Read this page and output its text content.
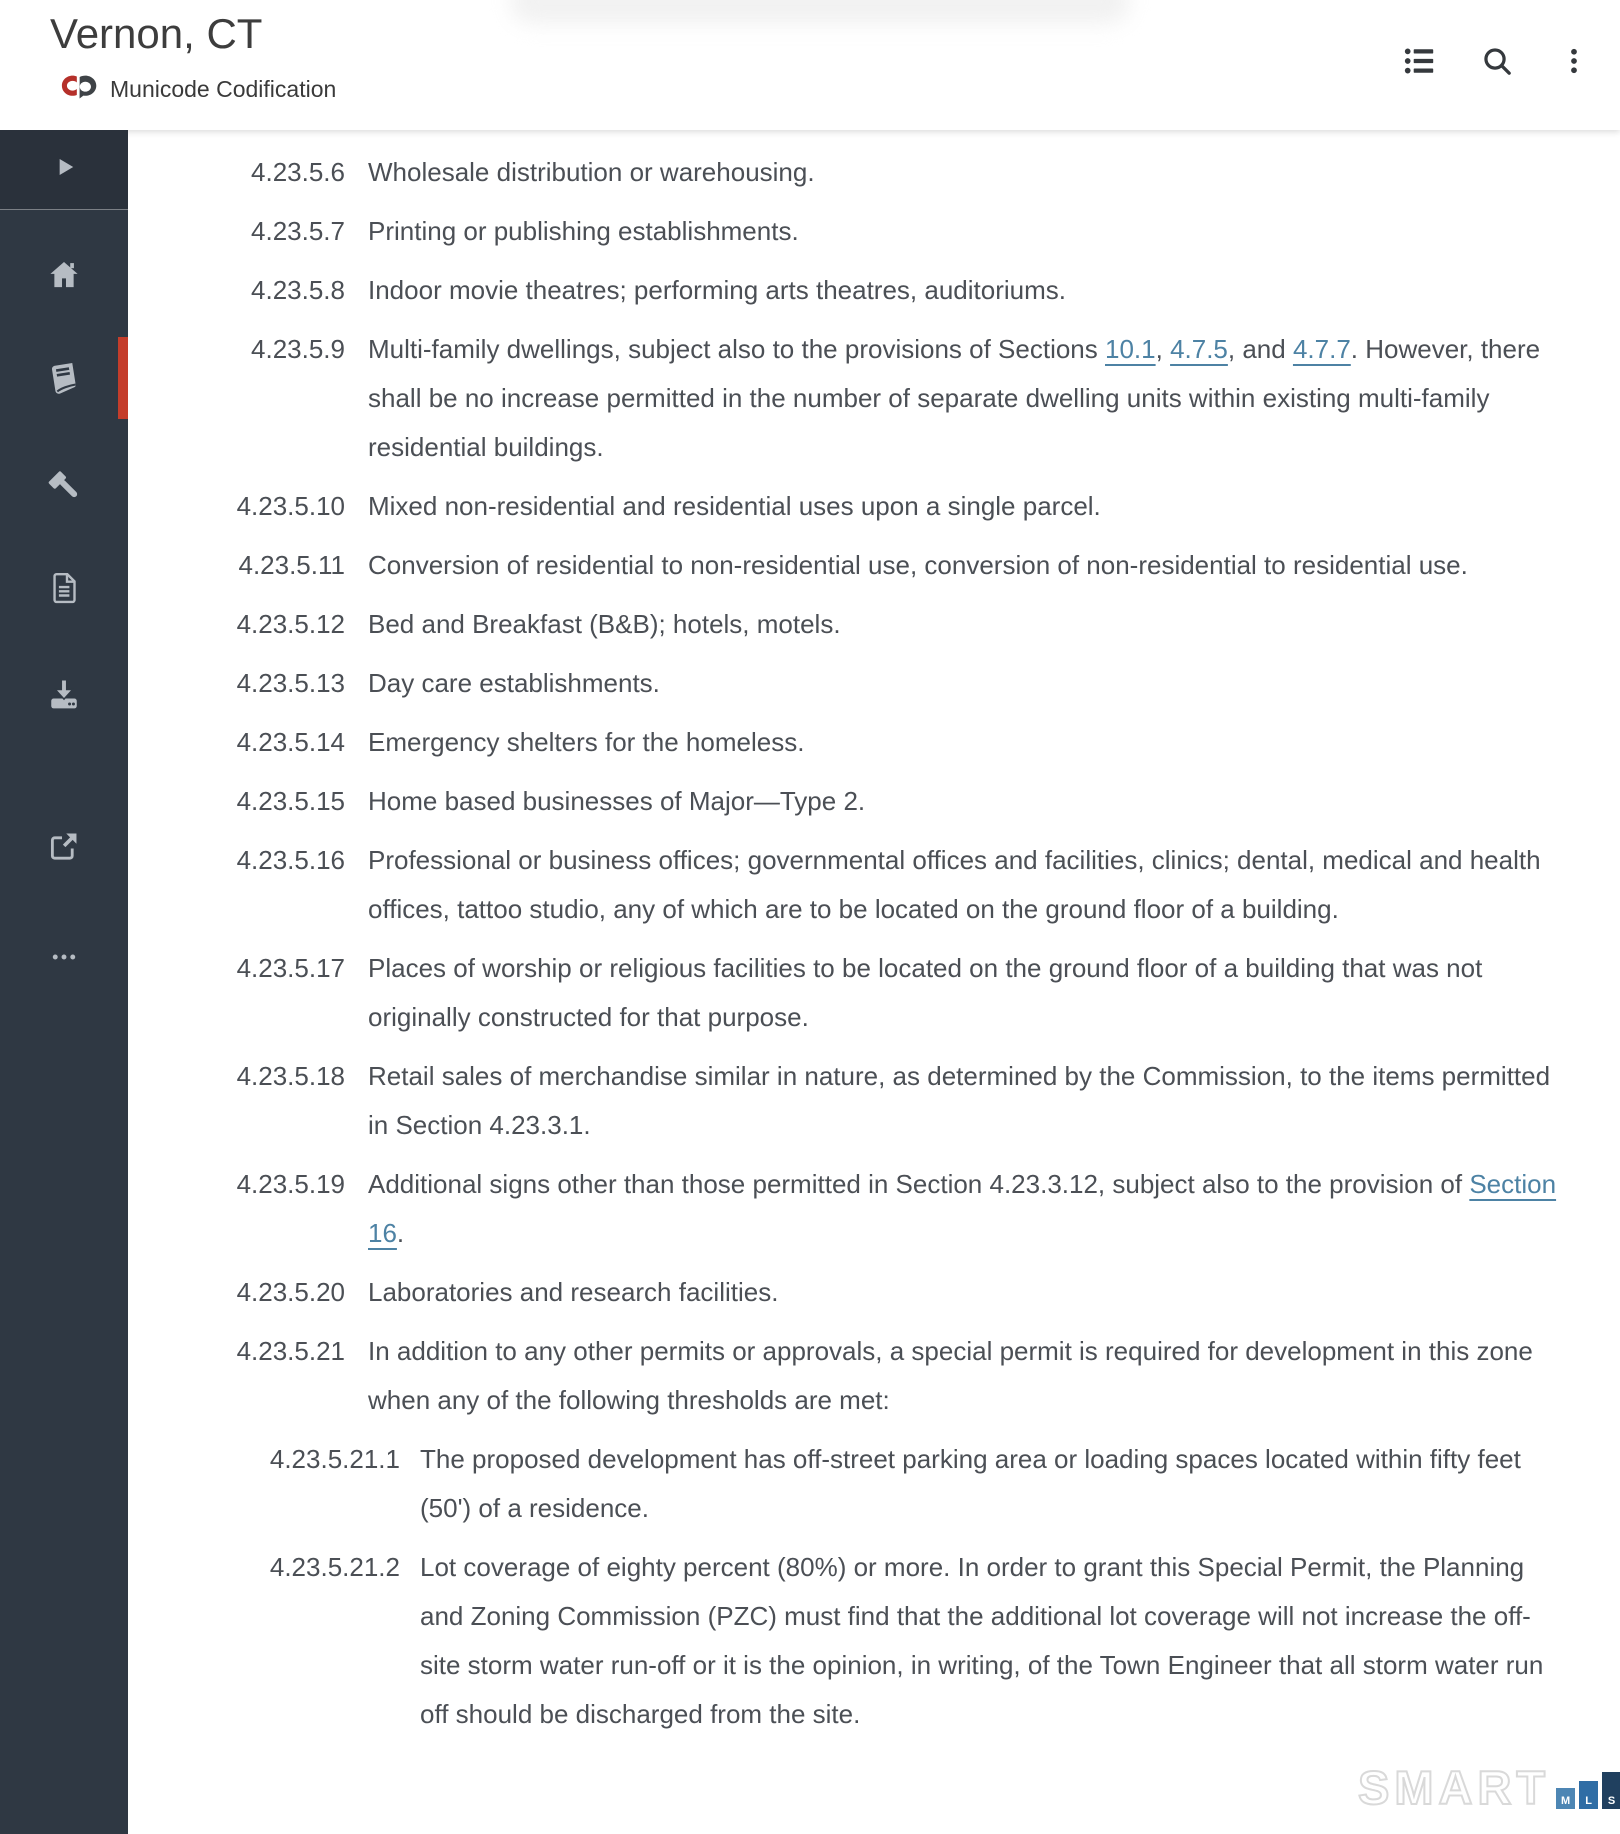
Vernon, CT
Municode Codification
4.23.5.6 Wholesale distribution or warehousing.
4.23.5.7 Printing or publishing establishments.
4.23.5.8 Indoor movie theatres; performing arts theatres, auditoriums.
4.23.5.9 Multi-family dwellings, subject also to the provisions of Sections 10.1, 4.7.5, and 4.7.7. However, there shall be no increase permitted in the number of separate dwelling units within existing multi-family residential buildings.
4.23.5.10 Mixed non-residential and residential uses upon a single parcel.
4.23.5.11 Conversion of residential to non-residential use, conversion of non-residential to residential use.
4.23.5.12 Bed and Breakfast (B&B); hotels, motels.
4.23.5.13 Day care establishments.
4.23.5.14 Emergency shelters for the homeless.
4.23.5.15 Home based businesses of Major—Type 2.
4.23.5.16 Professional or business offices; governmental offices and facilities, clinics; dental, medical and health offices, tattoo studio, any of which are to be located on the ground floor of a building.
4.23.5.17 Places of worship or religious facilities to be located on the ground floor of a building that was not originally constructed for that purpose.
4.23.5.18 Retail sales of merchandise similar in nature, as determined by the Commission, to the items permitted in Section 4.23.3.1.
4.23.5.19 Additional signs other than those permitted in Section 4.23.3.12, subject also to the provision of Section 16.
4.23.5.20 Laboratories and research facilities.
4.23.5.21 In addition to any other permits or approvals, a special permit is required for development in this zone when any of the following thresholds are met:
4.23.5.21.1 The proposed development has off-street parking area or loading spaces located within fifty feet (50') of a residence.
4.23.5.21.2 Lot coverage of eighty percent (80%) or more. In order to grant this Special Permit, the Planning and Zoning Commission (PZC) must find that the additional lot coverage will not increase the off-site storm water run-off or it is the opinion, in writing, of the Town Engineer that all storm water run off should be discharged from the site.
SMART M	L	S
